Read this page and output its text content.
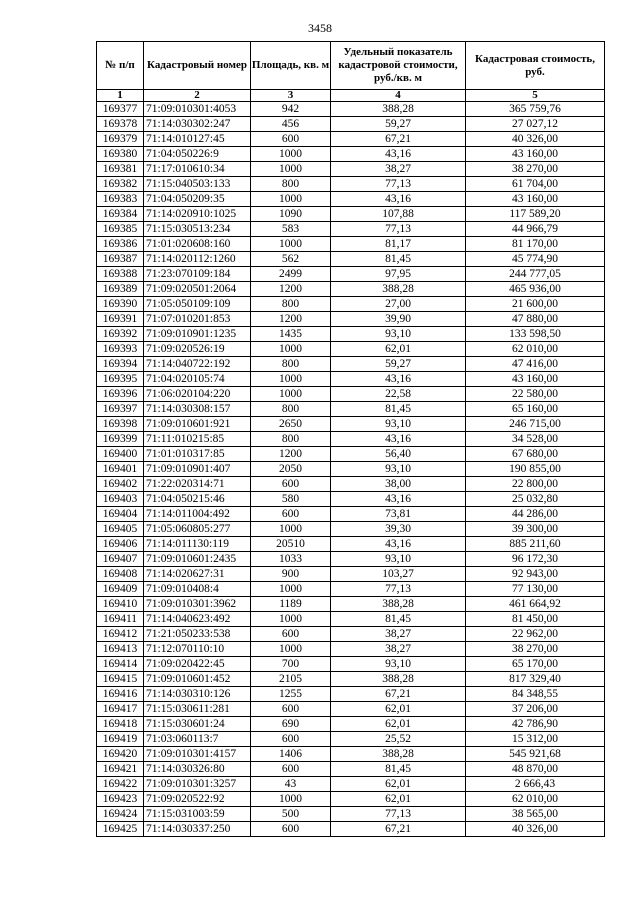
3458
№ п/п	Кадастровый номер	Площадь, кв. м	Удельный показатель кадастровой стоимости, руб./кв. м	Кадастровая стоимость, руб.
1	2	3	4	5
169377	71:09:010301:4053	942	388,28	365 759,76
169378	71:14:030302:247	456	59,27	27 027,12
169379	71:14:010127:45	600	67,21	40 326,00
169380	71:04:050226:9	1000	43,16	43 160,00
169381	71:17:010610:34	1000	38,27	38 270,00
169382	71:15:040503:133	800	77,13	61 704,00
169383	71:04:050209:35	1000	43,16	43 160,00
169384	71:14:020910:1025	1090	107,88	117 589,20
169385	71:15:030513:234	583	77,13	44 966,79
169386	71:01:020608:160	1000	81,17	81 170,00
169387	71:14:020112:1260	562	81,45	45 774,90
169388	71:23:070109:184	2499	97,95	244 777,05
169389	71:09:020501:2064	1200	388,28	465 936,00
169390	71:05:050109:109	800	27,00	21 600,00
169391	71:07:010201:853	1200	39,90	47 880,00
169392	71:09:010901:1235	1435	93,10	133 598,50
169393	71:09:020526:19	1000	62,01	62 010,00
169394	71:14:040722:192	800	59,27	47 416,00
169395	71:04:020105:74	1000	43,16	43 160,00
169396	71:06:020104:220	1000	22,58	22 580,00
169397	71:14:030308:157	800	81,45	65 160,00
169398	71:09:010601:921	2650	93,10	246 715,00
169399	71:11:010215:85	800	43,16	34 528,00
169400	71:01:010317:85	1200	56,40	67 680,00
169401	71:09:010901:407	2050	93,10	190 855,00
169402	71:22:020314:71	600	38,00	22 800,00
169403	71:04:050215:46	580	43,16	25 032,80
169404	71:14:011004:492	600	73,81	44 286,00
169405	71:05:060805:277	1000	39,30	39 300,00
169406	71:14:011130:119	20510	43,16	885 211,60
169407	71:09:010601:2435	1033	93,10	96 172,30
169408	71:14:020627:31	900	103,27	92 943,00
169409	71:09:010408:4	1000	77,13	77 130,00
169410	71:09:010301:3962	1189	388,28	461 664,92
169411	71:14:040623:492	1000	81,45	81 450,00
169412	71:21:050233:538	600	38,27	22 962,00
169413	71:12:070110:10	1000	38,27	38 270,00
169414	71:09:020422:45	700	93,10	65 170,00
169415	71:09:010601:452	2105	388,28	817 329,40
169416	71:14:030310:126	1255	67,21	84 348,55
169417	71:15:030611:281	600	62,01	37 206,00
169418	71:15:030601:24	690	62,01	42 786,90
169419	71:03:060113:7	600	25,52	15 312,00
169420	71:09:010301:4157	1406	388,28	545 921,68
169421	71:14:030326:80	600	81,45	48 870,00
169422	71:09:010301:3257	43	62,01	2 666,43
169423	71:09:020522:92	1000	62,01	62 010,00
169424	71:15:031003:59	500	77,13	38 565,00
169425	71:14:030337:250	600	67,21	40 326,00
